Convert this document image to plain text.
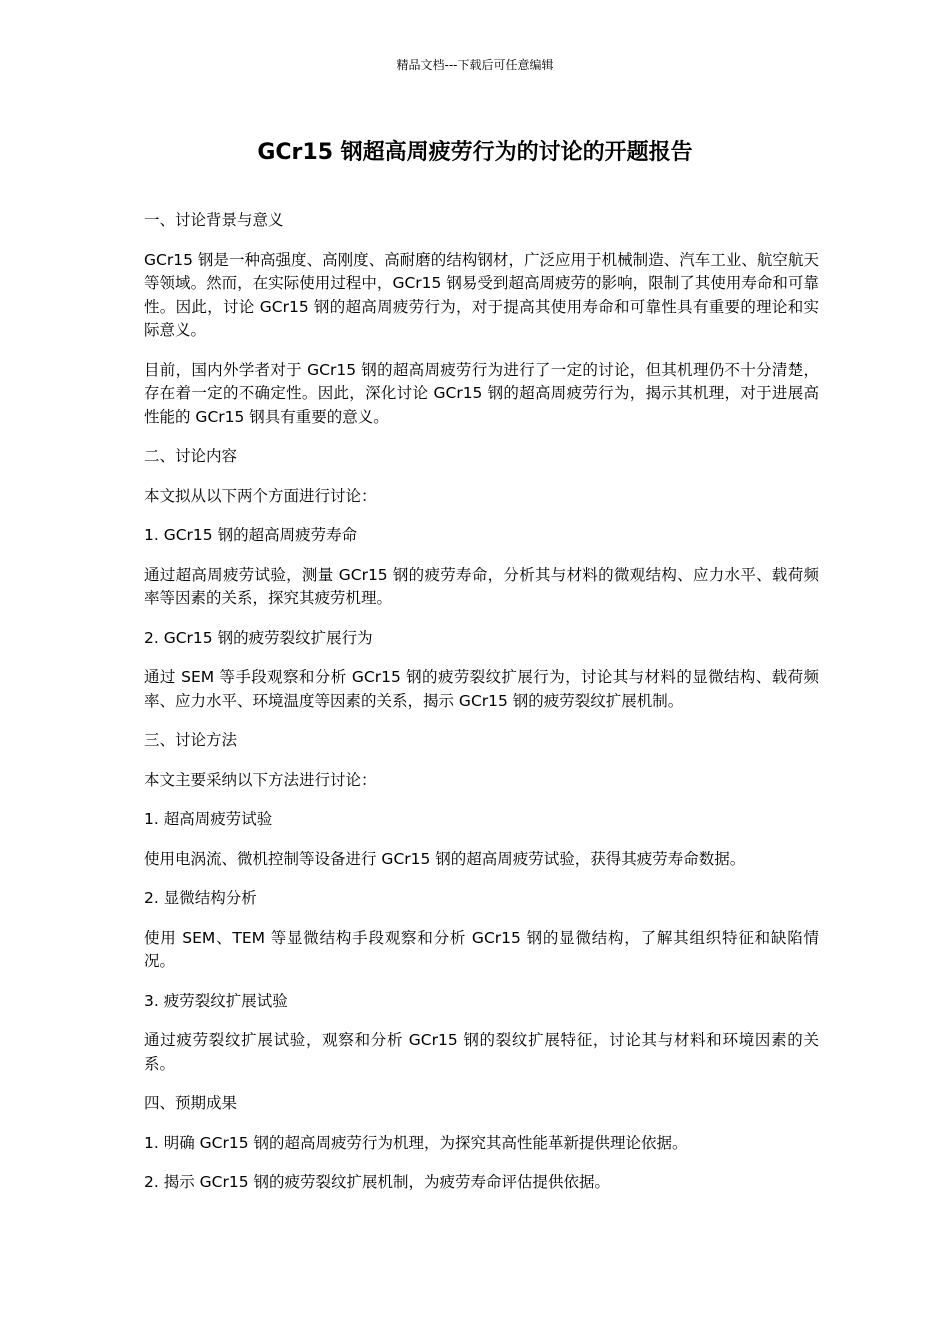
精品文档---下载后可任意编辑
GCr15 钢超高周疲劳行为的讨论的开题报告

一、讨论背景与意义

GCr15 钢是一种高强度、高刚度、高耐磨的结构钢材，广泛应用于机械制造、汽车工业、航空航天等领域。然而，在实际使用过程中，GCr15 钢易受到超高周疲劳的影响，限制了其使用寿命和可靠性。因此，讨论 GCr15 钢的超高周疲劳行为，对于提高其使用寿命和可靠性具有重要的理论和实际意义。

目前，国内外学者对于 GCr15 钢的超高周疲劳行为进行了一定的讨论，但其机理仍不十分清楚，存在着一定的不确定性。因此，深化讨论 GCr15 钢的超高周疲劳行为，揭示其机理，对于进展高性能的 GCr15 钢具有重要的意义。

二、讨论内容

本文拟从以下两个方面进行讨论：

1. GCr15 钢的超高周疲劳寿命

通过超高周疲劳试验，测量 GCr15 钢的疲劳寿命，分析其与材料的微观结构、应力水平、载荷频率等因素的关系，探究其疲劳机理。

2. GCr15 钢的疲劳裂纹扩展行为

通过 SEM 等手段观察和分析 GCr15 钢的疲劳裂纹扩展行为，讨论其与材料的显微结构、载荷频率、应力水平、环境温度等因素的关系，揭示 GCr15 钢的疲劳裂纹扩展机制。

三、讨论方法

本文主要采纳以下方法进行讨论：

1. 超高周疲劳试验

使用电涡流、微机控制等设备进行 GCr15 钢的超高周疲劳试验，获得其疲劳寿命数据。

2. 显微结构分析

使用 SEM、TEM 等显微结构手段观察和分析 GCr15 钢的显微结构，了解其组织特征和缺陷情况。

3. 疲劳裂纹扩展试验

通过疲劳裂纹扩展试验，观察和分析 GCr15 钢的裂纹扩展特征，讨论其与材料和环境因素的关系。

四、预期成果

1. 明确 GCr15 钢的超高周疲劳行为机理，为探究其高性能革新提供理论依据。

2. 揭示 GCr15 钢的疲劳裂纹扩展机制，为疲劳寿命评估提供依据。
